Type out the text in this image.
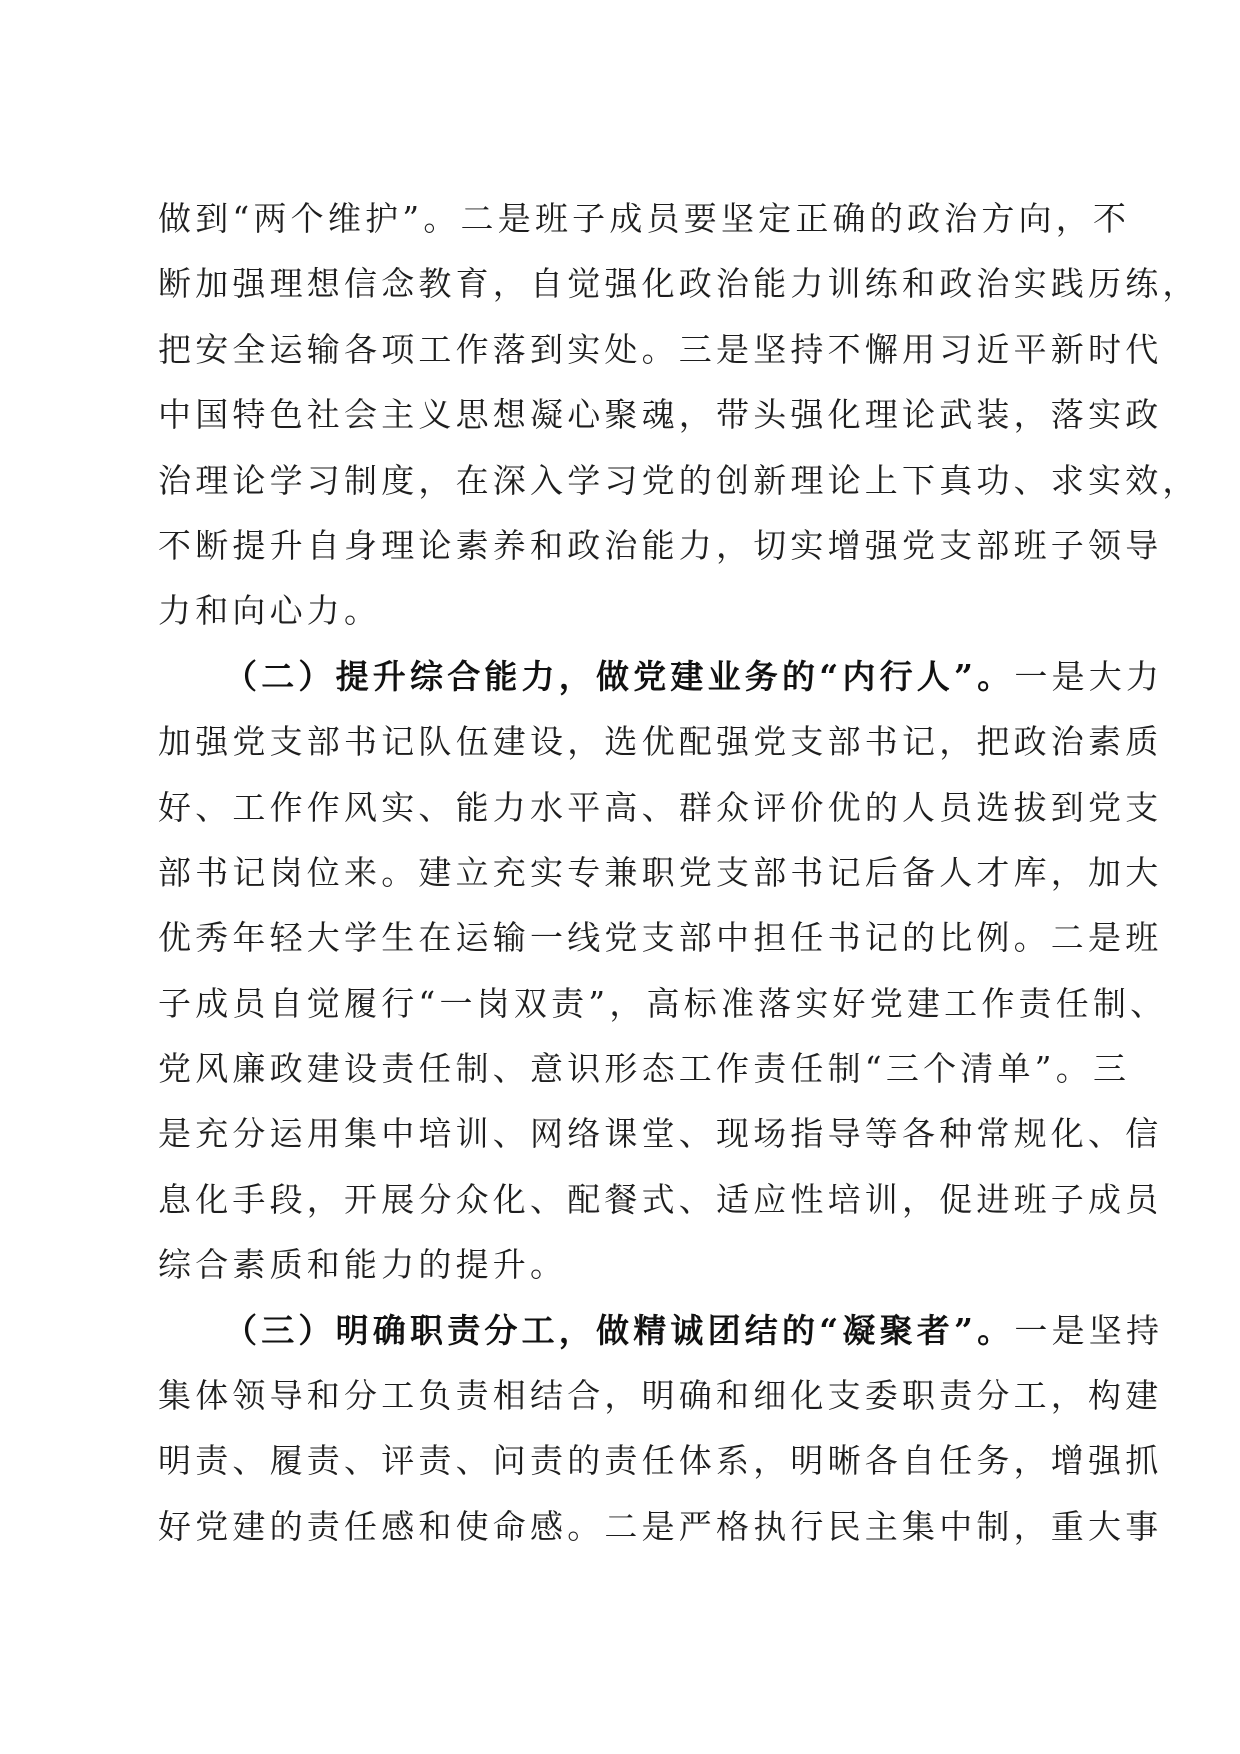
做到“两个维护”。二是班子成员要坚定正确的政治方向，不
断加强理想信念教育，自觉强化政治能力训练和政治实践历练，
把安全运输各项工作落到实处。三是坚持不懈用习近平新时代
中国特色社会主义思想凝心聚魂，带头强化理论武装，落实政
治理论学习制度，在深入学习党的创新理论上下真功、求实效，
不断提升自身理论素养和政治能力，切实增强党支部班子领导
力和向心力。
（二）提升综合能力，做党建业务的“内行人”。一是大力
加强党支部书记队伍建设，选优配强党支部书记，把政治素质
好、工作作风实、能力水平高、群众评价优的人员选拔到党支
部书记岗位来。建立充实专兼职党支部书记后备人才库，加大
优秀年轻大学生在运输一线党支部中担任书记的比例。二是班
子成员自觉履行“一岗双责”，高标准落实好党建工作责任制、
党风廉政建设责任制、意识形态工作责任制“三个清单”。三
是充分运用集中培训、网络课堂、现场指导等各种常规化、信
息化手段，开展分众化、配餐式、适应性培训，促进班子成员
综合素质和能力的提升。
（三）明确职责分工，做精诚团结的“凝聚者”。一是坚持
集体领导和分工负责相结合，明确和细化支委职责分工，构建
明责、履责、评责、问责的责任体系，明晰各自任务，增强抓
好党建的责任感和使命感。二是严格执行民主集中制，重大事
